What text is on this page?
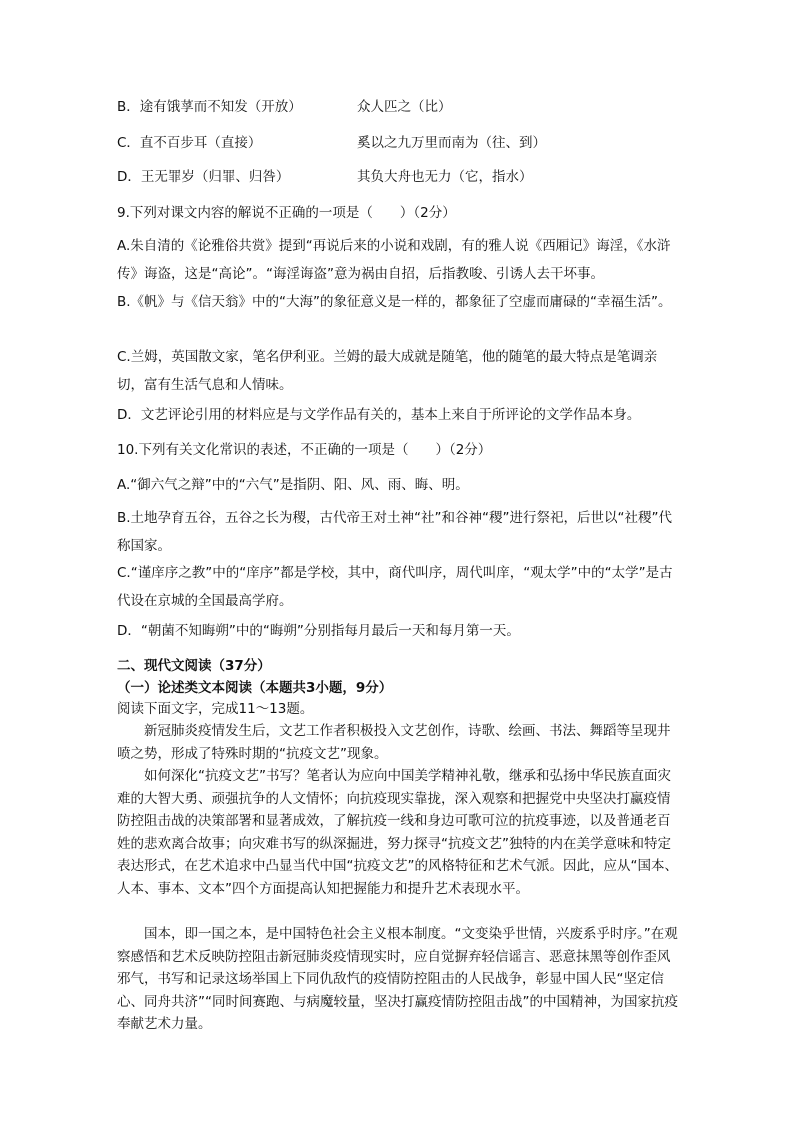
B．途有饿莩而不知发（开放）	众人匹之（比）
C．直不百步耳（直接）	奚以之九万里而南为（往、到）
D．王无罪岁（归罪、归咎）	其负大舟也无力（它，指水）
9.下列对课文内容的解说不正确的一项是（　　）（2分）
A.朱自清的《论雅俗共赏》提到“再说后来的小说和戏剧，有的雅人说《西厢记》诲淫，《水浒传》诲盗，这是“高论”。“诲淫诲盗”意为祸由自招，后指教唆、引诱人去干坏事。
B.《帆》与《信天翁》中的“大海”的象征意义是一样的，都象征了空虚而庸碌的“幸福生活”。
C.兰姆，英国散文家，笔名伊利亚。兰姆的最大成就是随笔，他的随笔的最大特点是笔调亲切，富有生活气息和人情味。
D．文艺评论引用的材料应是与文学作品有关的，基本上来自于所评论的文学作品本身。
10.下列有关文化常识的表述，不正确的一项是（　　）（2分）
A.“御六气之辩”中的“六气”是指阴、阳、风、雨、晦、明。
B.土地孕育五谷，五谷之长为稷，古代帝王对土神“社”和谷神“稷”进行祭祀，后世以“社稷”代称国家。
C.“谨庠序之教”中的“庠序”都是学校，其中，商代叫序，周代叫庠，“观太学”中的“太学”是古代设在京城的全国最高学府。
D．“朝菌不知晦朔”中的“晦朔”分别指每月最后一天和每月第一天。
二、现代文阅读（37分）
（一）论述类文本阅读（本题共3小题，9分）
阅读下面文字，完成11～13题。
新冠肺炎疫情发生后，文艺工作者积极投入文艺创作，诗歌、绘画、书法、舞蹈等呈现井喷之势，形成了特殊时期的“抗疫文艺”现象。
如何深化“抗疫文艺”书写？笔者认为应向中国美学精神礼敬，继承和弘扬中华民族直面灾难的大智大勇、顽强抗争的人文情怀；向抗疫现实靠拢，深入观察和把握党中央坚决打赢疫情防控阻击战的决策部署和显著成效，了解抗疫一线和身边可歌可泣的抗疫事迹，以及普通老百姓的悲欢离合故事；向灾难书写的纵深掘进，努力探寻“抗疫文艺”独特的内在美学意味和特定表达形式，在艺术追求中凸显当代中国“抗疫文艺”的风格特征和艺术气派。因此，应从“国本、人本、事本、文本”四个方面提高认知把握能力和提升艺术表现水平。
国本，即一国之本，是中国特色社会主义根本制度。“文变染乎世情，兴废系乎时序。”在观察感悟和艺术反映防控阻击新冠肺炎疫情现实时，应自觉摒弃轻信谣言、恶意抹黑等创作歪风邪气，书写和记录这场举国上下同仇敌忾的疫情防控阻击的人民战争，彰显中国人民“坚定信心、同舟共济”“同时间赛跑、与病魔较量，坚决打赢疫情防控阻击战”的中国精神，为国家抗疫奉献艺术力量。
